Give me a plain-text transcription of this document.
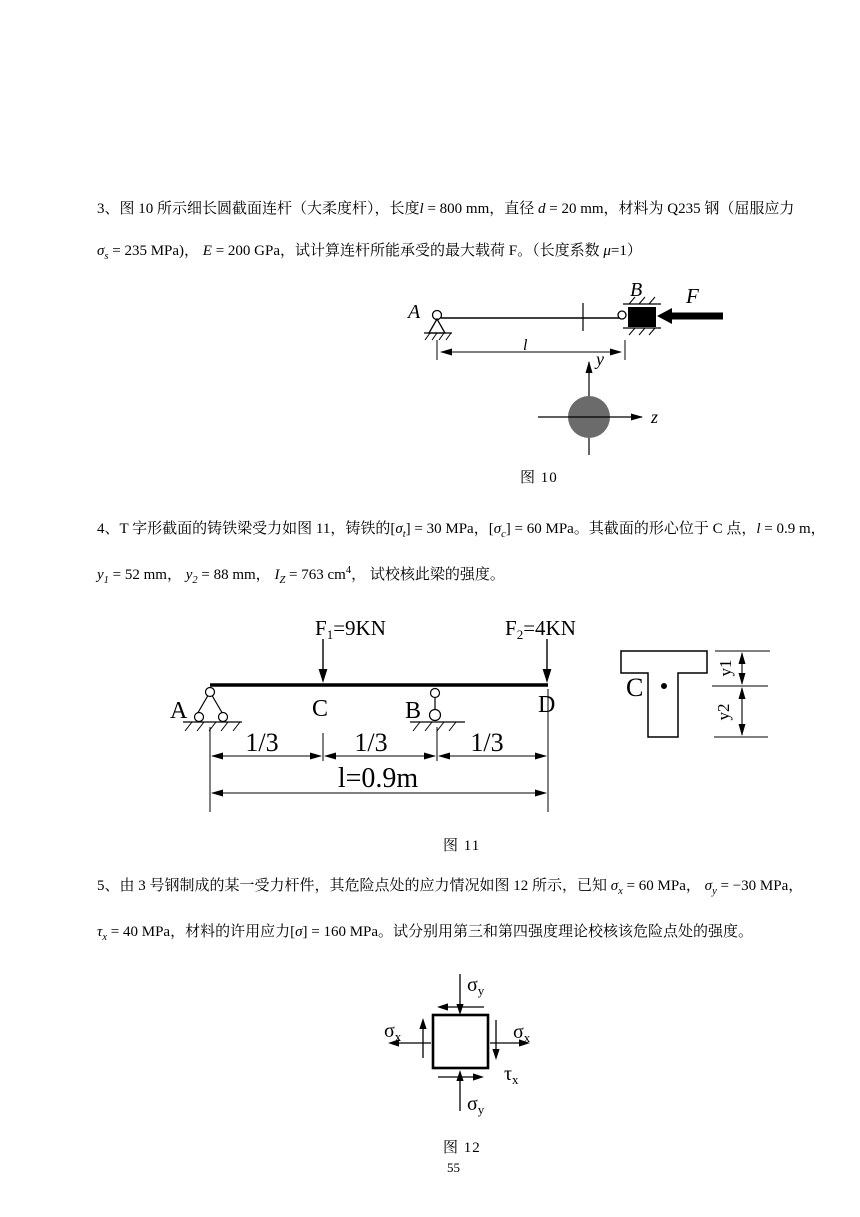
3、图 10 所示细长圆截面连杆（大柔度杆），长度l = 800 mm，直径 d = 20 mm，材料为 Q235 钢（屈服应力
$\sigma_s = 235$ MPa)， E = 200 GPa，试计算连杆所能承受的最大载荷 F。（长度系数 μ=1）
A
B F
l
y
z
图 10
4、T 字形截面的铸铁梁受力如图 11，铸铁的$[\sigma_t] = 30$ MPa，$[\sigma_c] = 60$ MPa。其截面的形心位于 C 点，l = 0.9 m，
$y_1 = 52$ mm， $y_2 = 88$ mm， $I_Z = 763$ $cm^4$， 试校核此梁的强度。
F1=9KN	F2=4KN
A	B
C	D
1/3	1/3	1/3
l=0.9m
C
y1
y2
图 11
5、由 3 号钢制成的某一受力杆件，其危险点处的应力情况如图 12 所示，已知 $\sigma_x = 60$ MPa， $\sigma_y = -30$ MPa，
$\tau_x = 40$ MPa，材料的许用应力[σ] = 160 MPa。试分别用第三和第四强度理论校核该危险点处的强度。
$\sigma_y$
$\sigma_x$	$\sigma_x$
$\tau_x$
$\sigma_y$
图 12
55
